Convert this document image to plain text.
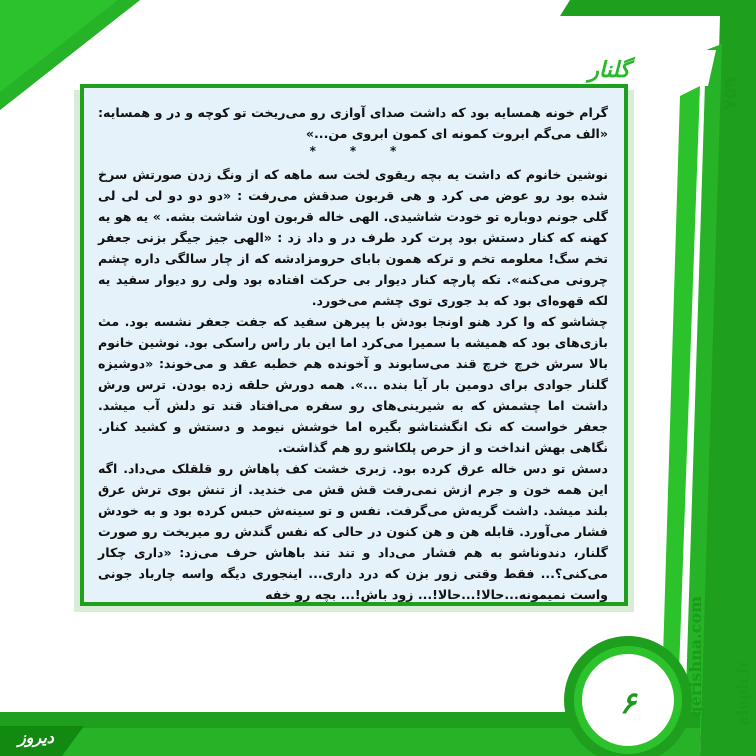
۷۵۹
گلنار

گرام خونه همسایه بود که داشت صدای آوازی رو می‌ریخت تو کوچه و در و همسایه: «الف می‌گم ابروت کمونه ای کمون ابروی من...»

* * *

نوشین خانوم که داشت یه بچه ریقوی لخت سه ماهه که از ونگ زدن صورتش سرخ شده بود رو عوض می کرد و هی قربون صدقش می‌رفت : «دو دو دو لی لی لی گلی جونم دوباره تو خودت شاشیدی. الهی خاله قربون اون شاشت بشه. » یه هو یه کهنه که کنار دستش بود پرت کرد طرف در و داد زد : «الهی جیز جیگر بزنی جعفر تخم سگ! معلومه تخم و ترکه همون بابای حرومزادشه که از چار سالگی داره چشم چرونی می‌کنه». تکه پارچه کنار دیوار بی حرکت افتاده بود ولی رو دیوار سفید یه لکه قهوه‌ای بود که بد جوری توی چشم می‌خورد.

چشاشو که وا کرد هنو اونجا بودش با پیرهن سفید که جفت جعفر نشسه بود. مث بازی‌های بود که همیشه با سمیرا می‌کرد اما این بار راس راسکی بود. نوشین خانوم بالا سرش خرچ خرچ قند می‌سابوند و آخونده هم خطبه عقد و می‌خوند: «دوشیزه گلنار جوادی برای دومین بار آیا بنده ...». همه دورش حلقه زده بودن. ترس ورش داشت اما چشمش که به شیرینی‌های رو سفره می‌افتاد قند تو دلش آب میشد. جعفر خواست که نک انگشتاشو بگیره اما خوشش نیومد و دستش و کشید کنار. نگاهی بهش انداخت و از حرص پلکاشو رو هم گذاشت.

دسش تو دس خاله عرق کرده بود. زبری خشت کف پاهاش رو قلقلک می‌داد. اگه این همه خون و جرم ازش نمی‌رفت قش قش می خندید. از تنش بوی ترش عرق بلند میشد. داشت گریه‌ش می‌گرفت. نفس و تو سینه‌ش حبس کرده بود و به خودش فشار می‌آورد. قابله هن و هن کنون در حالی که نفس گندش رو میریخت رو صورت گلنار، دندوناشو به هم فشار می‌داد و تند تند باهاش حرف می‌زد: «داری چکار می‌کنی؟... فقط وقتی زور بزن که درد داری... اینجوری دیگه واسه چارباد جونی واست نمیمونه...حالا!...حالا!... زود باش!... بچه رو خفه

۶
دیروز
gerishna.com aleph.ir
